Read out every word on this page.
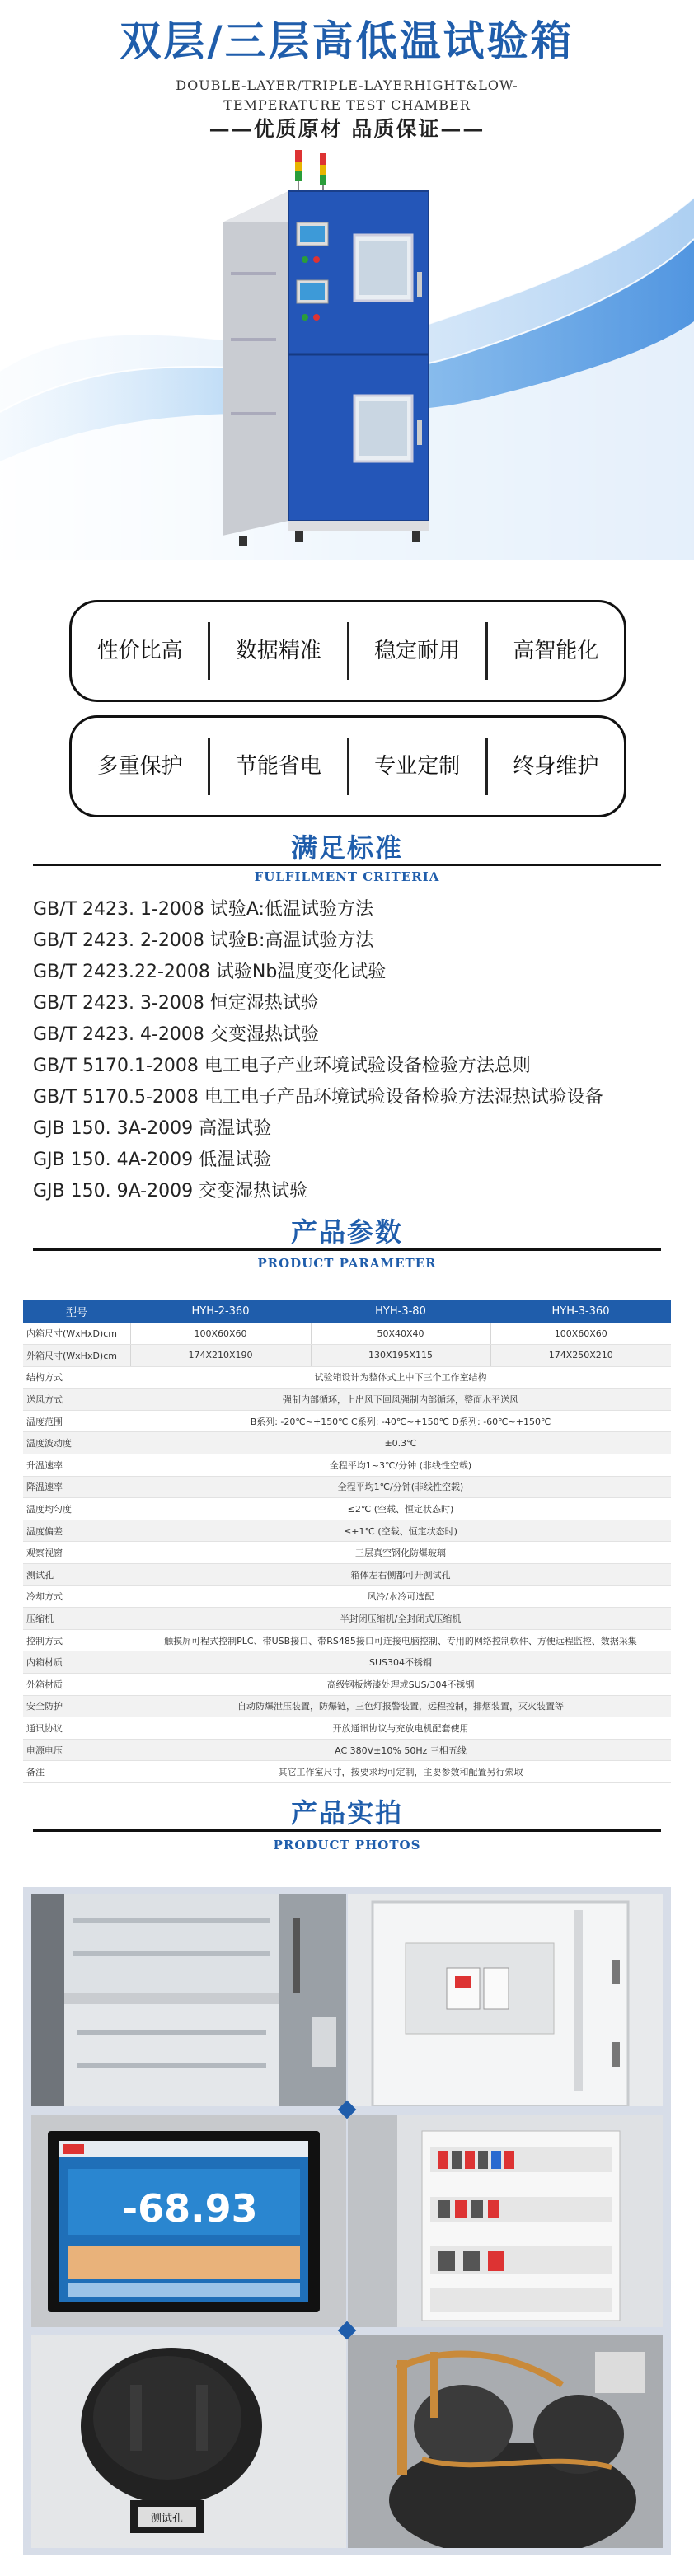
双层/三层高低温试验箱
DOUBLE-LAYER/TRIPLE-LAYERHIGHT&LOW-TEMPERATURE TEST CHAMBER
——优质原材 品质保证——
性价比高	数据精准	稳定耐用	高智能化
多重保护	节能省电	专业定制	终身维护
满足标准
FULFILMENT CRITERIA
GB/T 2423. 1-2008 试验A:低温试验方法
GB/T 2423. 2-2008 试验B:高温试验方法
GB/T 2423.22-2008 试验Nb温度变化试验
GB/T 2423. 3-2008 恒定湿热试验
GB/T 2423. 4-2008 交变湿热试验
GB/T 5170.1-2008 电工电子产业环境试验设备检验方法总则
GB/T 5170.5-2008 电工电子产品环境试验设备检验方法湿热试验设备
GJB 150. 3A-2009 高温试验
GJB 150. 4A-2009 低温试验
GJB 150. 9A-2009 交变湿热试验
产品参数
PRODUCT PARAMETER
型号	HYH-2-360	HYH-3-80	HYH-3-360
内箱尺寸(WxHxD)cm	100X60X60	50X40X40	100X60X60
外箱尺寸(WxHxD)cm	174X210X190	130X195X115	174X250X210
结构方式	试验箱设计为整体式上中下三个工作室结构		
送风方式	强制内部循环，上出风下回风强制内部循环，整面水平送风		
温度范围	B系列: -20℃~+150℃ C系列: -40℃~+150℃ D系列: -60℃~+150℃		
温度波动度	±0.3℃		
升温速率	全程平均1~3℃/分钟 (非线性空载)		
降温速率	全程平均1℃/分钟(非线性空载)		
温度均匀度	≤2℃ (空载、恒定状态时)		
温度偏差	≤+1℃ (空载、恒定状态时)		
观察视窗	三层真空钢化防爆玻璃		
测试孔	箱体左右侧都可开测试孔		
冷却方式	风冷/水冷可选配		
压缩机	半封闭压缩机/全封闭式压缩机		
控制方式	触摸屏可程式控制PLC、带USB接口、带RS485接口可连接电脑控制、专用的网络控制软件、方便远程监控、数据采集		
内箱材质	SUS304不锈钢		
外箱材质	高级钢板烤漆处理或SUS/304不锈钢		
安全防护	自动防爆泄压装置，防爆链，三色灯报警装置，远程控制，排烟装置，灭火装置等		
通讯协议	开放通讯协议与充放电机配套使用		
电源电压	AC 380V±10% 50Hz 三相五线		
备注	其它工作室尺寸，按要求均可定制，主要参数和配置另行索取		
产品实拍
PRODUCT PHOTOS
-68.93
测试孔
